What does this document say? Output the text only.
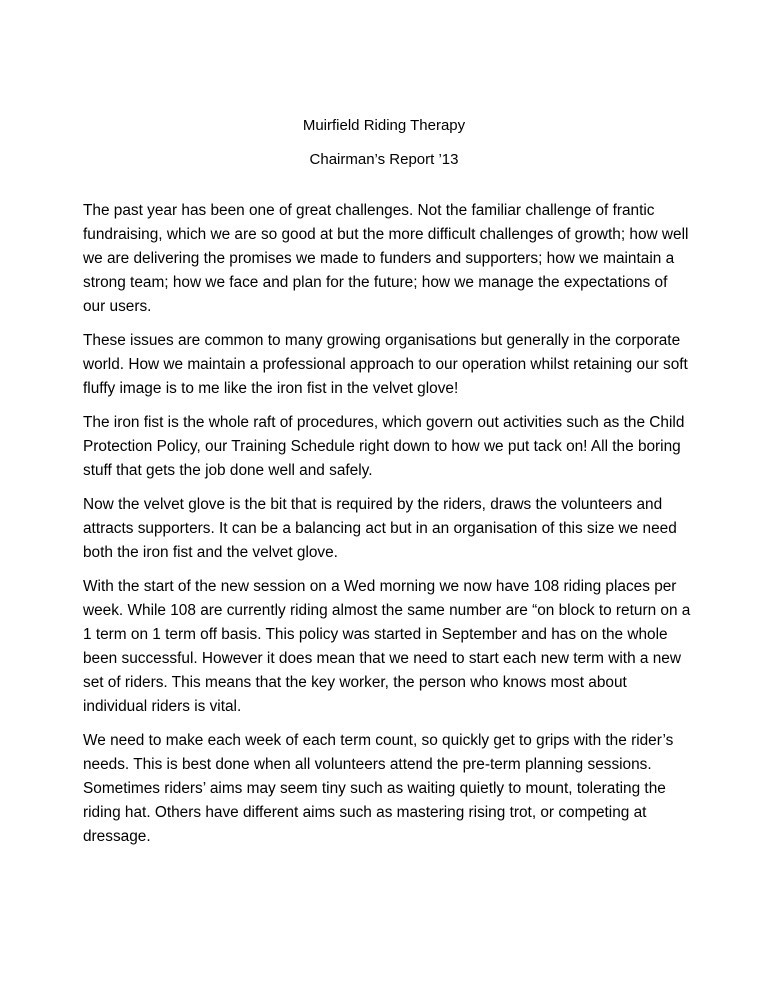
Muirfield Riding Therapy
Chairman’s Report ’13

The past year has been one of great challenges. Not the familiar challenge of frantic fundraising, which we are so good at but the more difficult challenges of growth; how well we are delivering the promises we made to funders and supporters; how we maintain a strong team; how we face and plan for the future; how we manage the expectations of our users.

These issues are common to many growing organisations but generally in the corporate world. How we maintain a professional approach to our operation whilst retaining our soft fluffy image is to me like the iron fist in the velvet glove!

The iron fist is the whole raft of procedures, which govern out activities such as the Child Protection Policy, our Training Schedule right down to how we put tack on! All the boring stuff that gets the job done well and safely.

Now the velvet glove is the bit that is required by the riders, draws the volunteers and attracts supporters. It can be a balancing act but in an organisation of this size we need both the iron fist and the velvet glove.

With the start of the new session on a Wed morning we now have 108 riding places per week. While 108 are currently riding almost the same number are “on block to return on a 1 term on 1 term off basis. This policy was started in September and has on the whole been successful. However it does mean that we need to start each new term with a new set of riders. This means that the key worker, the person who knows most about individual riders is vital.

We need to make each week of each term count, so quickly get to grips with the rider’s needs. This is best done when all volunteers attend the pre-term planning sessions. Sometimes riders’ aims may seem tiny such as waiting quietly to mount, tolerating the riding hat. Others have different aims such as mastering rising trot, or competing at dressage.
